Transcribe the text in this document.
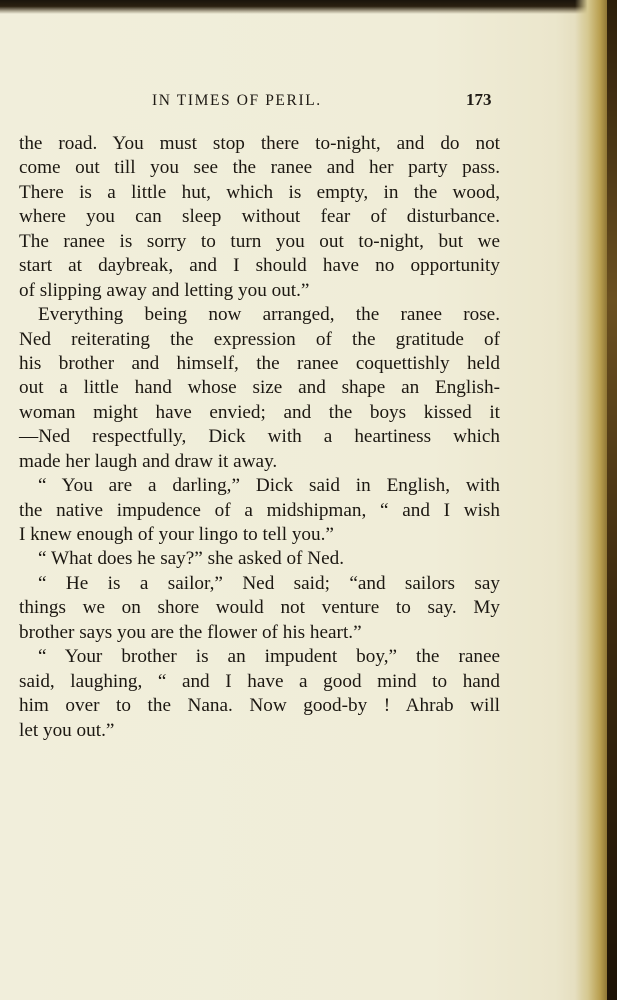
IN TIMES OF PERIL.	173
the road. You must stop there to-night, and do not
come out till you see the ranee and her party pass.
There is a little hut, which is empty, in the wood,
where you can sleep without fear of disturbance.
The ranee is sorry to turn you out to-night, but we
start at daybreak, and I should have no opportunity
of slipping away and letting you out.”
Everything being now arranged, the ranee rose.
Ned reiterating the expression of the gratitude of
his brother and himself, the ranee coquettishly held
out a little hand whose size and shape an English-
woman might have envied; and the boys kissed it
—Ned respectfully, Dick with a heartiness which
made her laugh and draw it away.
“ You are a darling,” Dick said in English, with
the native impudence of a midshipman, “ and I wish
I knew enough of your lingo to tell you.”
“ What does he say?” she asked of Ned.
“ He is a sailor,” Ned said; “and sailors say
things we on shore would not venture to say. My
brother says you are the flower of his heart.”
“ Your brother is an impudent boy,” the ranee
said, laughing, “ and I have a good mind to hand
him over to the Nana. Now good-by ! Ahrab will
let you out.”
